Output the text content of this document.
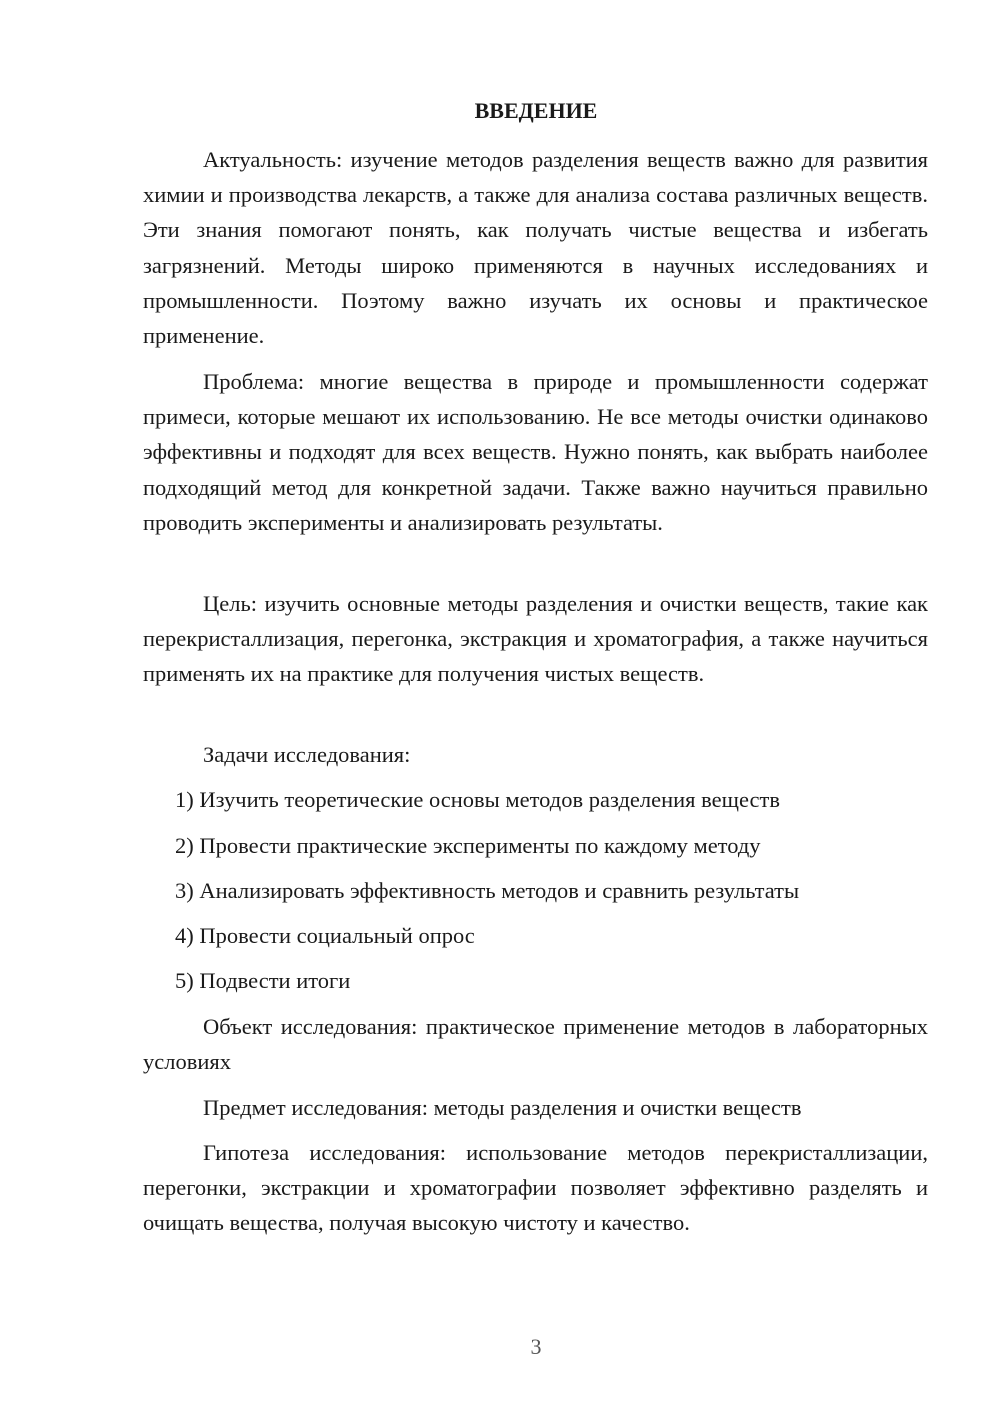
ВВЕДЕНИЕ

Актуальность: изучение методов разделения веществ важно для развития химии и производства лекарств, а также для анализа состава различных веществ. Эти знания помогают понять, как получать чистые вещества и избегать загрязнений. Методы широко применяются в научных исследованиях и промышленности. Поэтому важно изучать их основы и практическое применение.

Проблема: многие вещества в природе и промышленности содержат примеси, которые мешают их использованию. Не все методы очистки одинаково эффективны и подходят для всех веществ. Нужно понять, как выбрать наиболее подходящий метод для конкретной задачи. Также важно научиться правильно проводить эксперименты и анализировать результаты.

Цель: изучить основные методы разделения и очистки веществ, такие как перекристаллизация, перегонка, экстракция и хроматография, а также научиться применять их на практике для получения чистых веществ.

Задачи исследования:

1) Изучить теоретические основы методов разделения веществ

2) Провести практические эксперименты по каждому методу

3) Анализировать эффективность методов и сравнить результаты

4) Провести социальный опрос

5) Подвести итоги

Объект исследования: практическое применение методов в лабораторных условиях

Предмет исследования: методы разделения и очистки веществ

Гипотеза исследования: использование методов перекристаллизации, перегонки, экстракции и хроматографии позволяет эффективно разделять и очищать вещества, получая высокую чистоту и качество.

3
